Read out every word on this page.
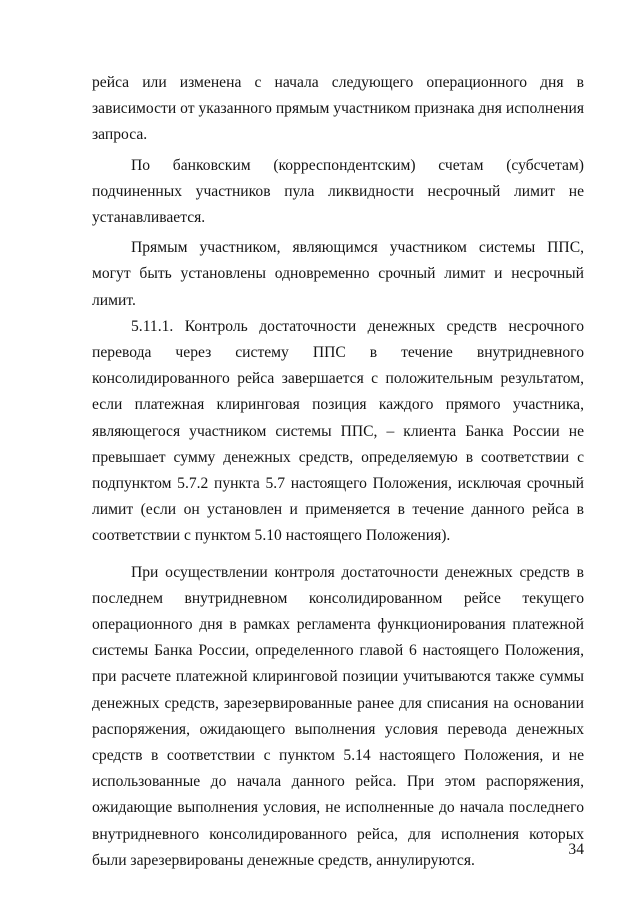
рейса или изменена с начала следующего операционного дня в зависимости от указанного прямым участником признака дня исполнения запроса.

По банковским (корреспондентским) счетам (субсчетам) подчиненных участников пула ликвидности несрочный лимит не устанавливается.

Прямым участником, являющимся участником системы ППС, могут быть установлены одновременно срочный лимит и несрочный лимит.

5.11.1. Контроль достаточности денежных средств несрочного перевода через систему ППС в течение внутридневного консолидированного рейса завершается с положительным результатом, если платежная клиринговая позиция каждого прямого участника, являющегося участником системы ППС, – клиента Банка России не превышает сумму денежных средств, определяемую в соответствии с подпунктом 5.7.2 пункта 5.7 настоящего Положения, исключая срочный лимит (если он установлен и применяется в течение данного рейса в соответствии с пунктом 5.10 настоящего Положения).

При осуществлении контроля достаточности денежных средств в последнем внутридневном консолидированном рейсе текущего операционного дня в рамках регламента функционирования платежной системы Банка России, определенного главой 6 настоящего Положения, при расчете платежной клиринговой позиции учитываются также суммы денежных средств, зарезервированные ранее для списания на основании распоряжения, ожидающего выполнения условия перевода денежных средств в соответствии с пунктом 5.14 настоящего Положения, и не использованные до начала данного рейса. При этом распоряжения, ожидающие выполнения условия, не исполненные до начала последнего внутридневного консолидированного рейса, для исполнения которых были зарезервированы денежные средств, аннулируются.

34
